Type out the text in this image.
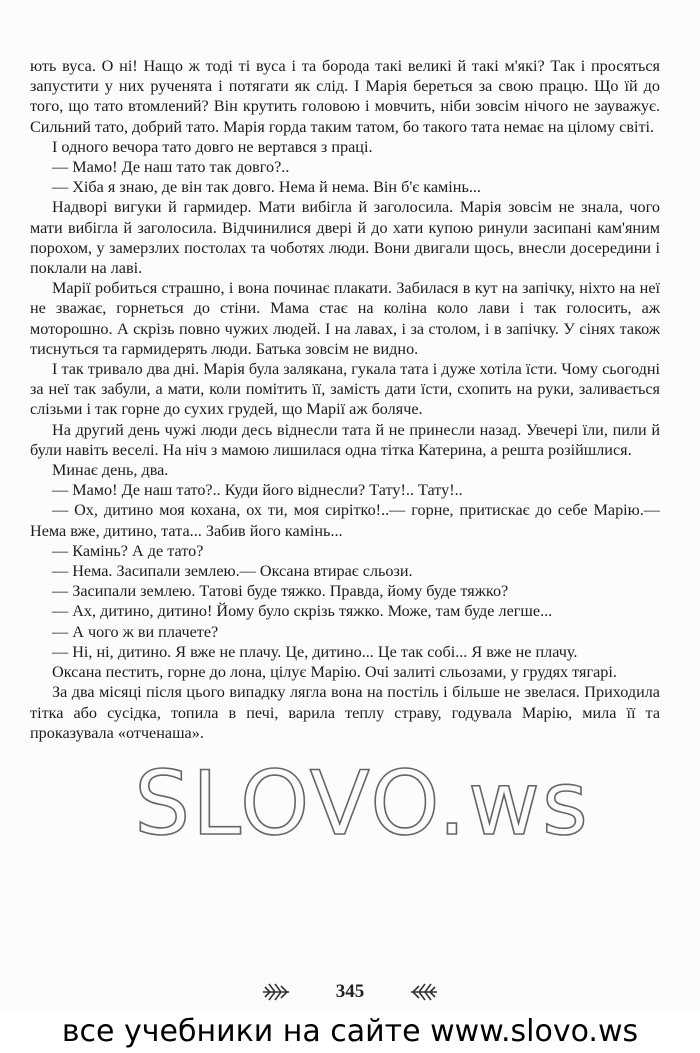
ють вуса. О ні! Нащо ж тоді ті вуса і та борода такі великі й такі м'які? Так і просяться запустити у них рученята і потягати як слід. І Марія береться за свою працю. Що їй до того, що тато втомлений? Він крутить головою і мовчить, ніби зовсім нічого не зауважує. Сильний тато, добрий тато. Марія горда таким татом, бо такого тата немає на цілому світі.

І одного вечора тато довго не вертався з праці.

— Мамо! Де наш тато так довго?..

— Хіба я знаю, де він так довго. Нема й нема. Він б'є камінь...

Надворі вигуки й гармидер. Мати вибігла й заголосила. Марія зовсім не знала, чого мати вибігла й заголосила. Відчинилися двері й до хати купою ринули засипані кам'яним порохом, у замерзлих постолах та чоботях люди. Вони двигали щось, внесли досередини і поклали на лаві.

Марії робиться страшно, і вона починає плакати. Забилася в кут на запічку, ніхто на неї не зважає, горнеться до стіни. Мама стає на коліна коло лави і так голосить, аж моторошно. А скрізь повно чужих людей. І на лавах, і за столом, і в запічку. У сінях також тиснуться та гармидерять люди. Батька зовсім не видно.

І так тривало два дні. Марія була залякана, гукала тата і дуже хотіла їсти. Чому сьогодні за неї так забули, а мати, коли помітить її, замість дати їсти, схопить на руки, заливається слізьми і так горне до сухих грудей, що Марії аж боляче.

На другий день чужі люди десь віднесли тата й не принесли назад. Увечері їли, пили й були навіть веселі. На ніч з мамою лишилася одна тітка Катерина, а решта розійшлися.

Минає день, два.

— Мамо! Де наш тато?.. Куди його віднесли? Тату!.. Тату!..

— Ох, дитино моя кохана, ох ти, моя сирітко!..— горне, притискає до себе Марію.— Нема вже, дитино, тата... Забив його камінь...

— Камінь? А де тато?

— Нема. Засипали землею.— Оксана втирає сльози.

— Засипали землею. Татові буде тяжко. Правда, йому буде тяжко?

— Ах, дитино, дитино! Йому було скрізь тяжко. Може, там буде легше...

— А чого ж ви плачете?

— Ні, ні, дитино. Я вже не плачу. Це, дитино... Це так собі... Я вже не плачу.

Оксана пестить, горне до лона, цілує Марію. Очі залиті сльозами, у грудях тягарі.

За два місяці після цього випадку лягла вона на постіль і більше не звелася. Приходила тітка або сусідка, топила в печі, варила теплу страву, годувала Марію, мила її та проказувала «отченаша».

SLOVO.ws
345
все учебники на сайте www.slovo.ws
